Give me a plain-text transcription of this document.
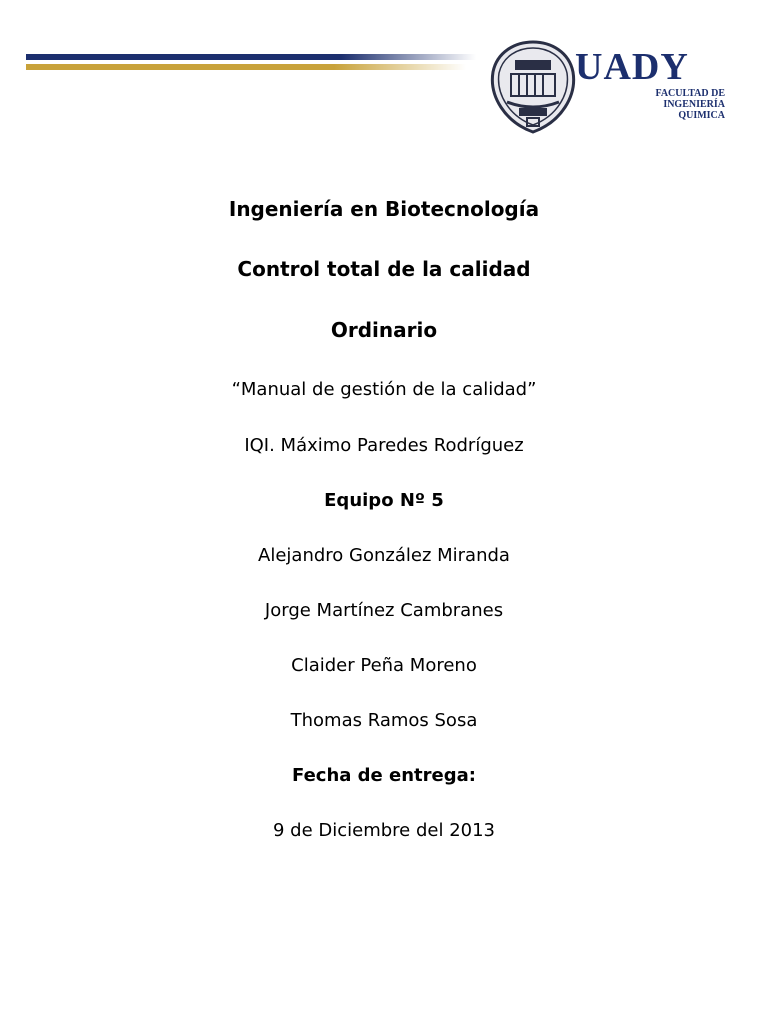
UADY
FACULTAD DE
INGENIERÍA
QUIMICA
Ingeniería en Biotecnología
Control total de la calidad
Ordinario
“Manual de gestión de la calidad”
IQI. Máximo Paredes Rodríguez
Equipo Nº 5
Alejandro González Miranda
Jorge Martínez Cambranes
Claider Peña Moreno
Thomas Ramos Sosa
Fecha de entrega:
9 de Diciembre del 2013
